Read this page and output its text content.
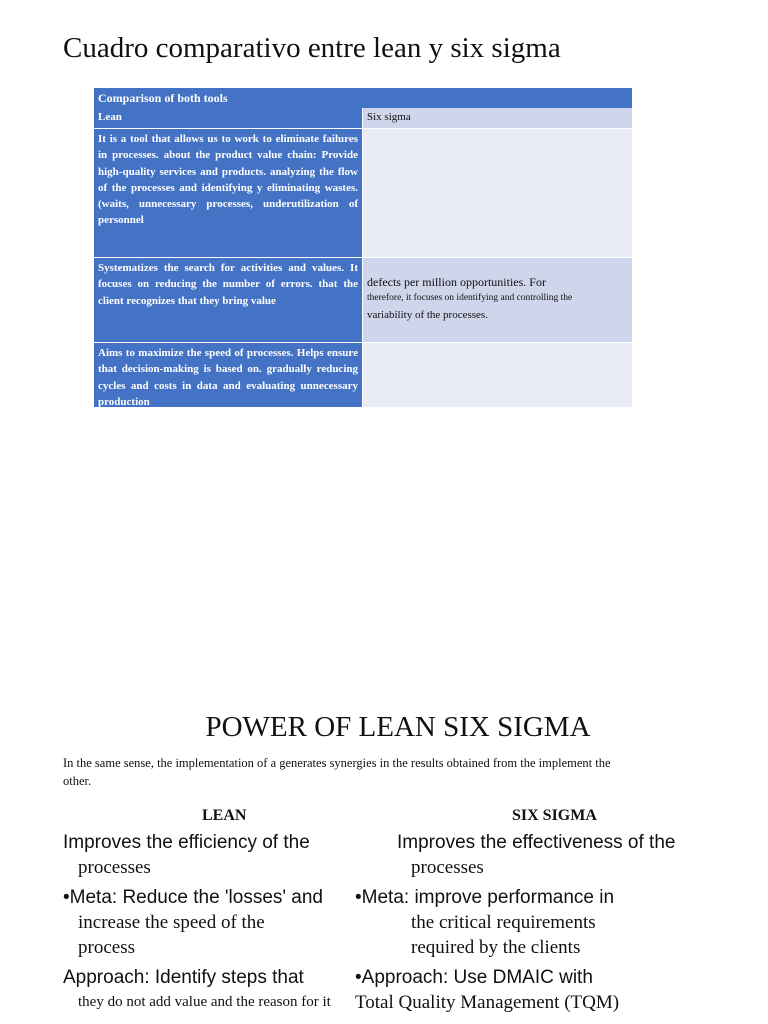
Cuadro comparativo entre lean y six sigma
Comparison of both tools
Lean	Six sigma
It is a tool that allows us to work to eliminate failures in processes. about the product value chain: Provide high-quality services and products. analyzing the flow of the processes and identifying y eliminating wastes. (waits, unnecessary processes, underutilization of personnel
Systematizes the search for activities and values. It focuses on reducing the number of errors. that the client recognizes that they bring value
defects per million opportunities. For
therefore, it focuses on identifying and controlling the
variability of the processes.
Aims to maximize the speed of processes. Helps ensure that decision-making is based on. gradually reducing cycles and costs in data and evaluating unnecessary production
POWER OF LEAN SIX SIGMA

In the same sense, the implementation of a generates synergies in the results obtained from the implement the other.

LEAN	SIX SIGMA
Improves the efficiency of the
processes
•Meta: Reduce the 'losses' and
increase the speed of the
process
Approach: Identify steps that
they do not add value and the reason for it
Improves the effectiveness of the
processes
•Meta: improve performance in
the critical requirements
required by the clients
•Approach: Use DMAIC with
Total Quality Management (TQM)
